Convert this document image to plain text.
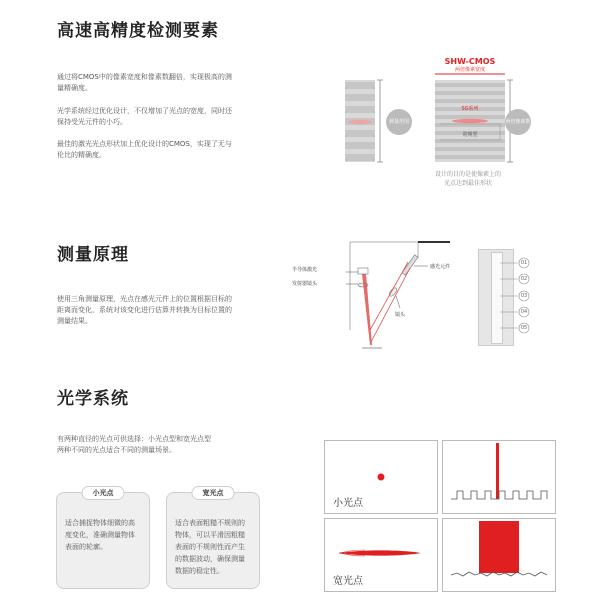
高速高精度检测要素
通过将CMOS中的像素宽度和像素数翻倍，实现极高的测量精确度。
光学系统经过优化设计，不仅增加了光点的宽度，同时还保持受光元件的小巧。
最佳的激光光点形状加上优化设计的CMOS，实现了无与伦比的精确度。
测量范围	两倍像素数
SHW-CMOS
两倍像素宽度
SG系列
常规型
设计的目的是使像素上的
光点达到最佳形状
测量原理
使用三角测量原理，光点在感光元件上的位置根据目标的距离而变化，系统对该变化进行估算并转换为目标位置的测量结果。
半导体激光
发射器镜头
感光元件
镜头
01
02
03
04
05
光学系统
有两种直径的光点可供选择：小光点型和宽光点型
两种不同的光点适合不同的测量场景。
小光点
适合捕捉物体细微的高度变化，准确测量物体表面的轮廓。
宽光点
适合表面粗糙不规则的物体，可以平滑因粗糙表面的不规则性而产生的数据波动，确保测量数据的稳定性。
小光点
宽光点
